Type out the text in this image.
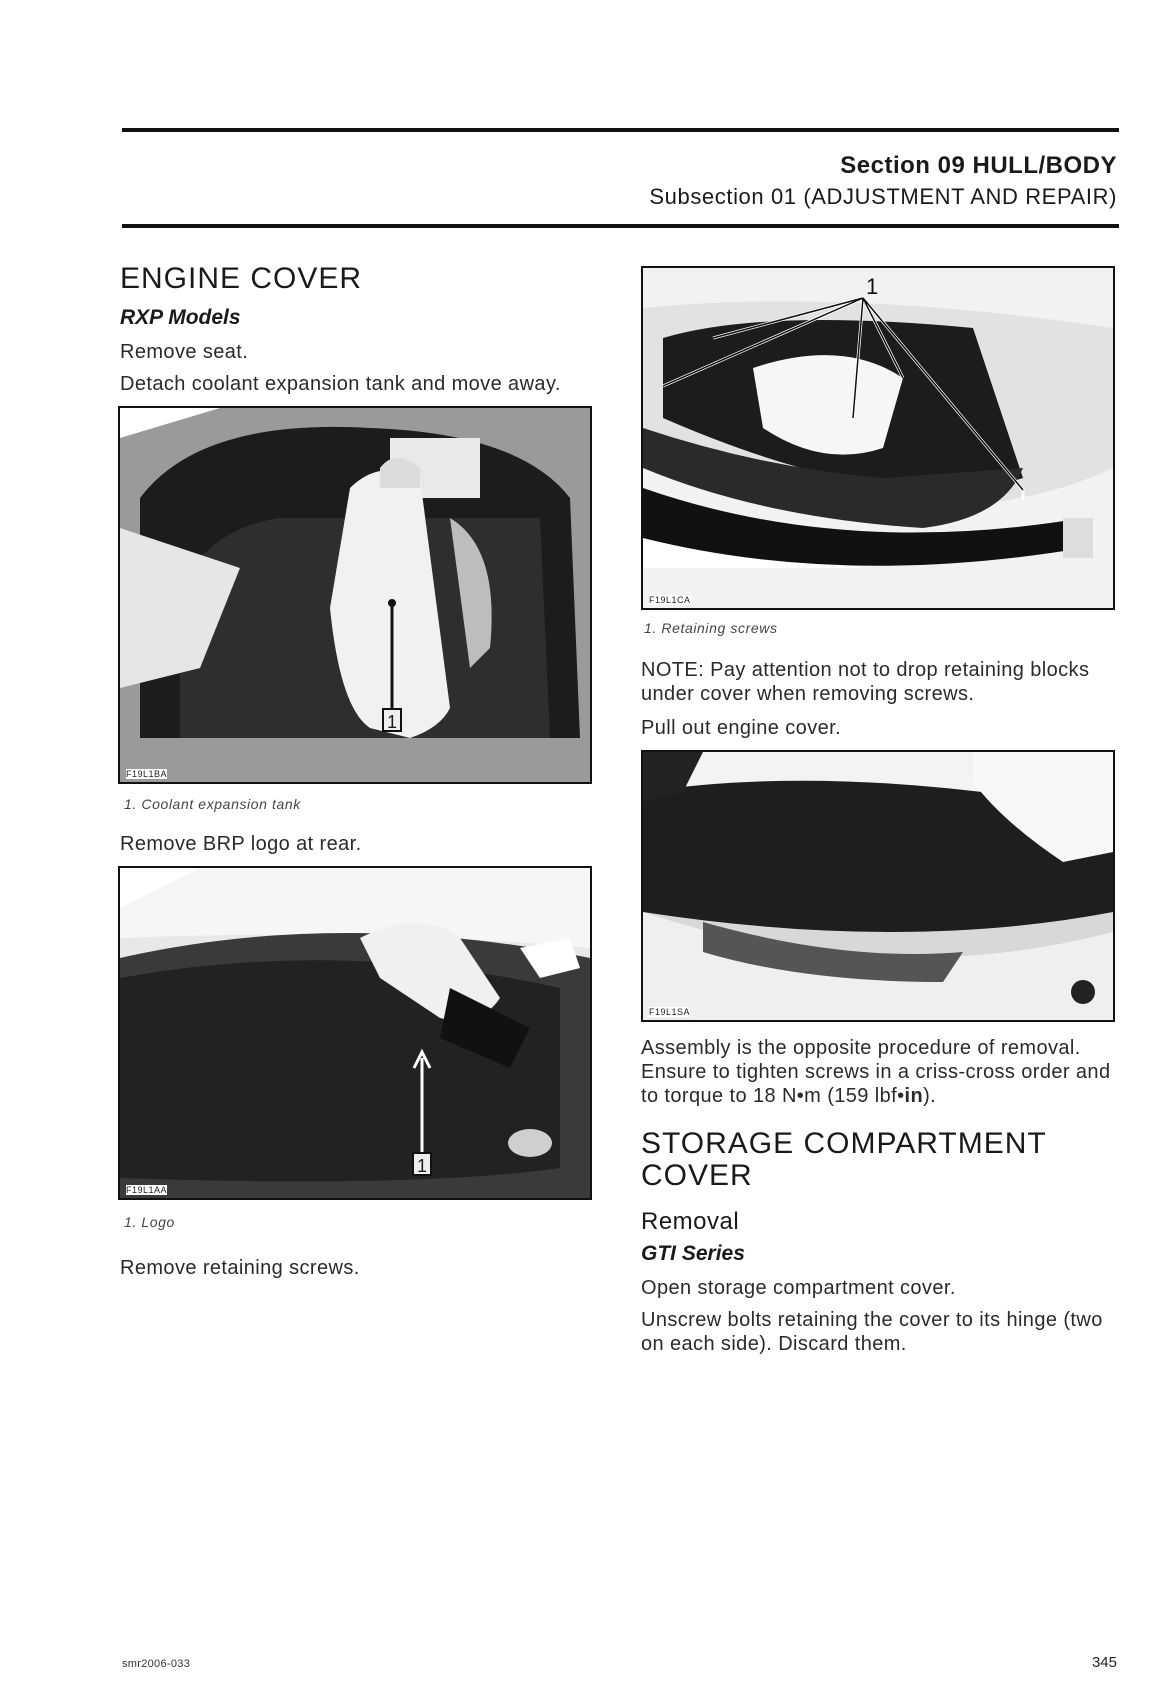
Section 09 HULL/BODY
Subsection 01 (ADJUSTMENT AND REPAIR)
ENGINE COVER
RXP Models
Remove seat.
Detach coolant expansion tank and move away.
1
F19L1BA
1. Coolant expansion tank
Remove BRP logo at rear.
1
F19L1AA
1. Logo
Remove retaining screws.
1
F19L1CA
1. Retaining screws
NOTE: Pay attention not to drop retaining blocks under cover when removing screws.
Pull out engine cover.
F19L1SA
Assembly is the opposite procedure of removal. Ensure to tighten screws in a criss-cross order and to torque to 18 N•m (159 lbf•in).
STORAGE COMPARTMENT COVER
Removal
GTI Series
Open storage compartment cover.
Unscrew bolts retaining the cover to its hinge (two on each side). Discard them.
smr2006-033	345
